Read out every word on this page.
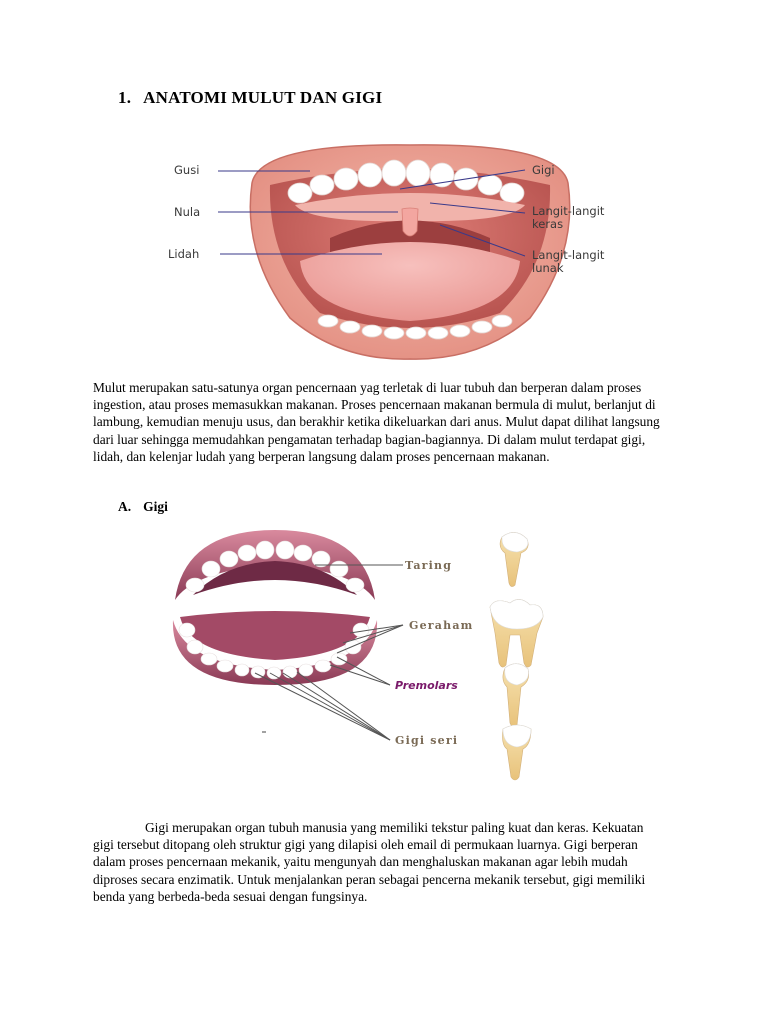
1. ANATOMI MULUT DAN GIGI
Gusi
Nula
Lidah
Gigi
Langit-langit
keras
Langit-langit
lunak
Mulut merupakan satu-satunya organ pencernaan yag terletak di luar tubuh dan berperan dalam proses ingestion, atau proses memasukkan makanan. Proses pencernaan makanan bermula di mulut, berlanjut di lambung, kemudian menuju usus, dan berakhir ketika dikeluarkan dari anus. Mulut dapat dilihat langsung dari luar sehingga memudahkan pengamatan terhadap bagian-bagiannya. Di dalam mulut terdapat gigi, lidah, dan kelenjar ludah yang berperan langsung dalam proses pencernaan makanan.
A. Gigi
Taring
Geraham
Premolars
Gigi seri
Gigi merupakan organ tubuh manusia yang memiliki tekstur paling kuat dan keras. Kekuatan gigi tersebut ditopang oleh struktur gigi yang dilapisi oleh email di permukaan luarnya. Gigi berperan dalam proses pencernaan mekanik, yaitu mengunyah dan menghaluskan makanan agar lebih mudah diproses secara enzimatik. Untuk menjalankan peran sebagai pencerna mekanik tersebut, gigi memiliki benda yang berbeda-beda sesuai dengan fungsinya.
